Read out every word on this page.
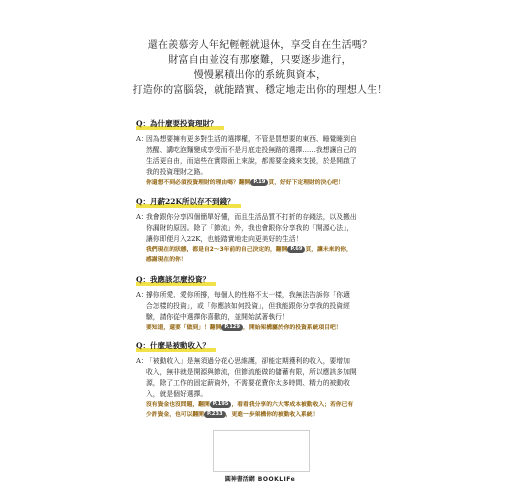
還在羨慕旁人年紀輕輕就退休，享受自在生活嗎？
財富自由並沒有那麼難，只要逐步進行，
慢慢累積出你的系統與資本，
打造你的富腦袋，就能踏實、穩定地走出你的理想人生！
Q：為什麼要投資理財？
A：
因為想要擁有更多對生活的選擇權，不管是買想要的東西、睡覺睡到自
然醒、講吃泡麵變成享受而不是月底走投無路的選擇……我想讓自己的
生活更自由，而這些在實際面上來說，都需要金錢來支援，於是開啟了
我的投資理財之路。
你還想不到必須投資理財的理由嗎？翻開 P.19 頁，好好下定理財的決心吧！
Q：月薪22K所以存不到錢？
A：
我會跟你分享四個簡單好懂，而且生活品質不打折的存錢法，以及搬出
你漏財的原因。除了「節流」外，我也會跟你分享我的「開源心法」，
讓你即便月入22K，也能踏實地走向更美好的生活！
我們現在的狀態，都是自2～3年前的自己決定的，翻開 P.69 頁，讓未來的你，
感謝現在的你！
Q：我應該怎麼投資？
A：
撐你所愛、愛你所撐，每個人的性格不太一樣，我無法告訴你「你適
合怎樣的投資」，或「你應該如何投資」，但我能跟你分享我的投資經
驗，請你從中選擇你喜歡的，並開始試著執行！
要知道，還要「做到」！翻開 P.129 ，開始架構屬於你的投資系統項目吧！
Q：什麼是被動收入？
A：
「被動收入」是無須過分花心思維護，卻能定期獲利的收入，要增加
收入，無非就是開源與節流，但節流能做的儲蓄有限，所以應該多加開
源，除了工作的固定薪資外，不需要花費你太多時間、精力的被動收
入，就是個好選擇。
沒有資金也沒問題，翻開 P.195 ，看看我分享的六大零成本被動收入；若你已有
少許資金，也可以翻開 P.233 ，更進一步架構你的被動收入系統！
圓神書活網 BOOKLIFe
